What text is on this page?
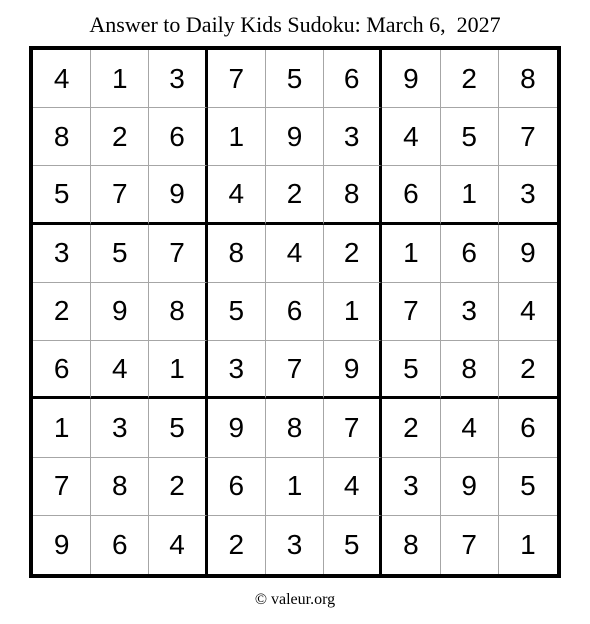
Answer to Daily Kids Sudoku: March 6,  2027
4	1	3	7	5	6	9	2	8
8	2	6	1	9	3	4	5	7
5	7	9	4	2	8	6	1	3
3	5	7	8	4	2	1	6	9
2	9	8	5	6	1	7	3	4
6	4	1	3	7	9	5	8	2
1	3	5	9	8	7	2	4	6
7	8	2	6	1	4	3	9	5
9	6	4	2	3	5	8	7	1
© valeur.org
